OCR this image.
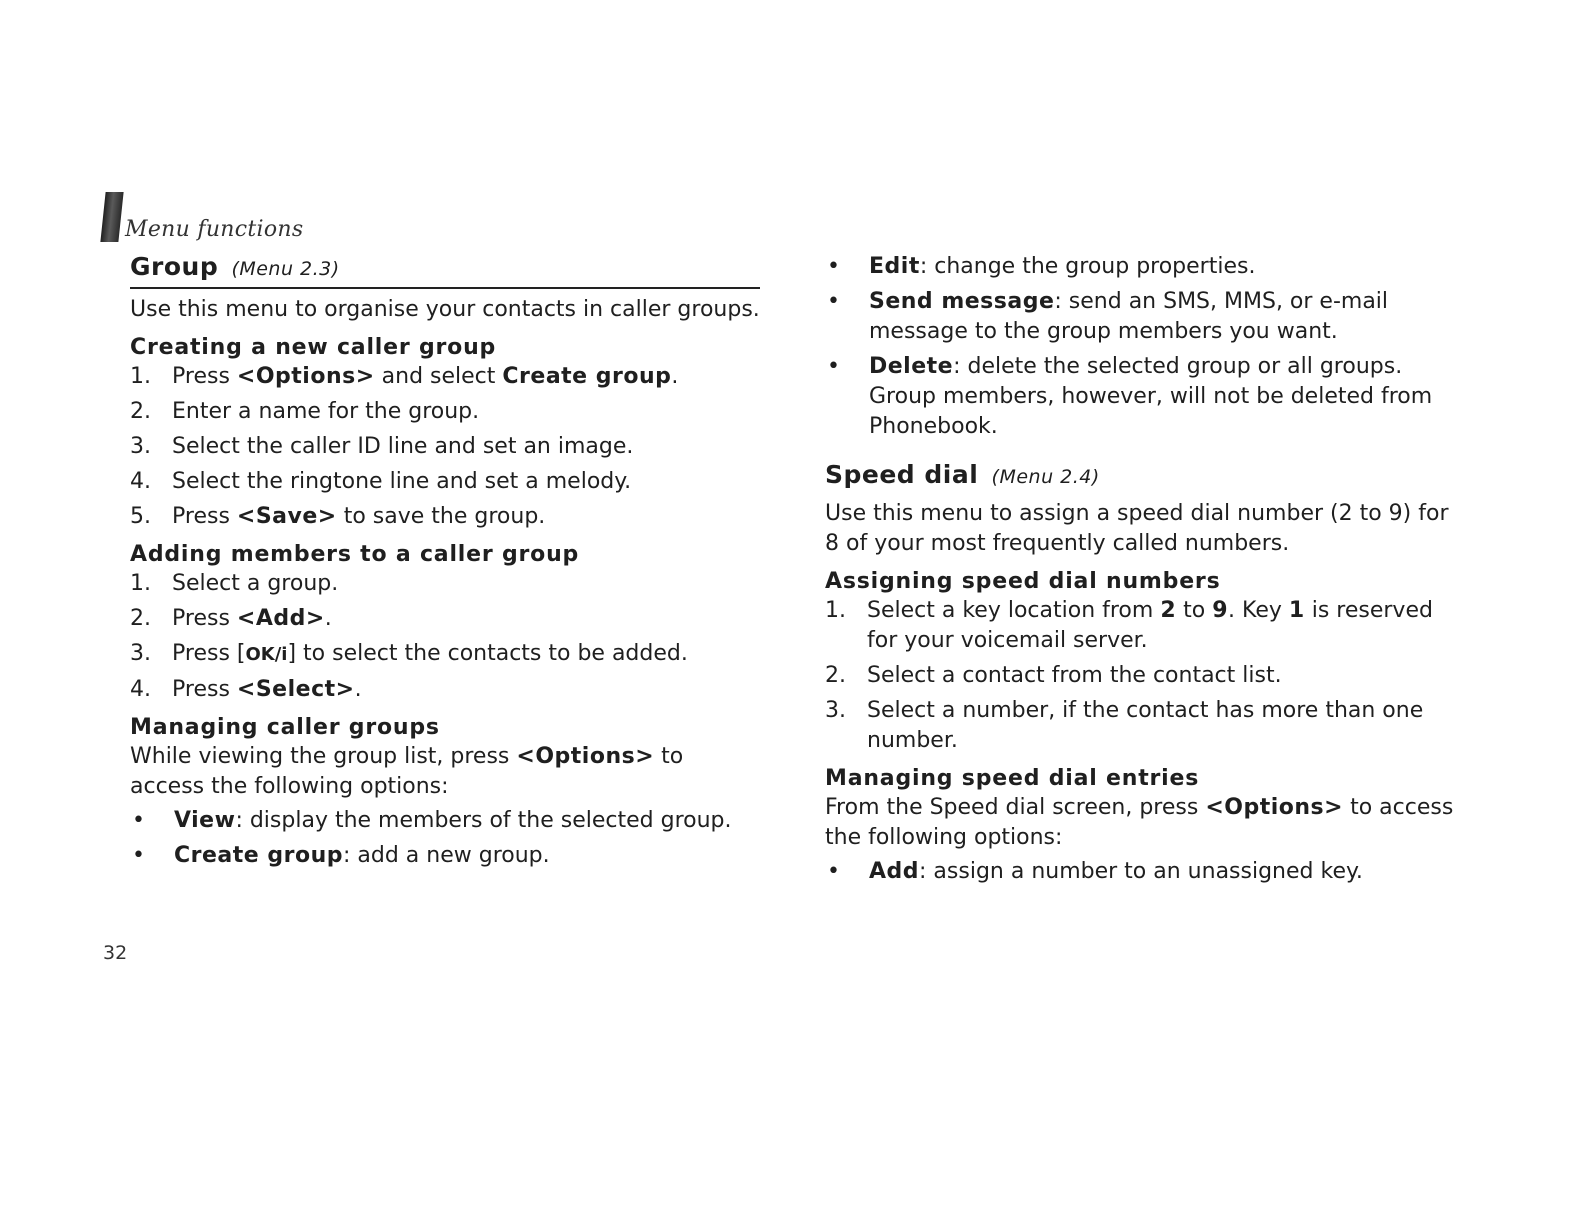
Menu functions
Group (Menu 2.3)

Use this menu to organise your contacts in caller groups.

Creating a new caller group
1. Press <Options> and select Create group.
2. Enter a name for the group.
3. Select the caller ID line and set an image.
4. Select the ringtone line and set a melody.
5. Press <Save> to save the group.
Adding members to a caller group
1. Select a group.
2. Press <Add>.
3. Press [OK/i] to select the contacts to be added.
4. Press <Select>.
Managing caller groups

While viewing the group list, press <Options> to access the following options:

•	View: display the members of the selected group.
•	Create group: add a new group.
32
•	Edit: change the group properties.
•	Send message: send an SMS, MMS, or e-mail message to the group members you want.
•	Delete: delete the selected group or all groups. Group members, however, will not be deleted from Phonebook.
Speed dial (Menu 2.4)

Use this menu to assign a speed dial number (2 to 9) for 8 of your most frequently called numbers.

Assigning speed dial numbers
1. Select a key location from 2 to 9. Key 1 is reserved for your voicemail server.
2. Select a contact from the contact list.
3. Select a number, if the contact has more than one number.
Managing speed dial entries

From the Speed dial screen, press <Options> to access the following options:

•	Add: assign a number to an unassigned key.
